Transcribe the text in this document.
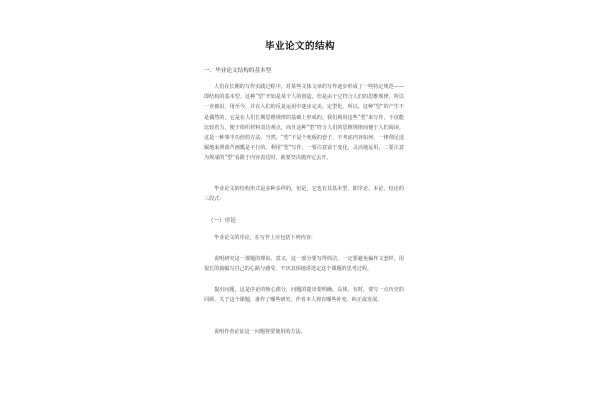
毕业论文的结构
一、毕业论文结构的基本型

人们在长期的写作实践过程中，对某些文体文章的写作逐步形成了一些特定规范——即结构的基本型。这种“型”开始是某个人的创造，但是由于它符合人们的思维规律，所以一直被沿，用至今，并在人们的反复运用中逐步完美、定型化。所以，这种“型”的产生不是偶然的，它是在人们长期思维规律的基础上形成的。我们利用这些“型”来写作，不仅能比较省力，便于组织材料表达观点，而且这种“型”符合人们的思维规律而便于人们阅读。这是一种事半功倍的方法。当然，“型”不是个死板的套子，不考虑内容如何，一律削足适履地来照葫芦画瓢是不行的。利用“型”写作，一要注意富于变化，灵活地运用，二要注意为规成的“型”看限于内容表达时，就要坚决抛弃它丢开。

毕业论文的结构形式是多种多样的，但是，它也有其基本型，即序论、本论、结论的三段式：

（一）序论

毕业论文的序论，在写作上应包括下列内容：

说明研究这一课题的理由、意义，这一部分要写得简洁，一定要避免偏作文套样，用很长的篇幅写自己的心路与感受，不厌其烦地讲选定这个课题的思考过程。

提出问题，这是序论的核心部分，问题的提出要明确、具体，有时，要写一点历史的回顾，关于这个课题，谁作了哪些研究，作者本人将有哪些补充、纠正或发展。

说明作者论证这一问题将要使用的方法。
